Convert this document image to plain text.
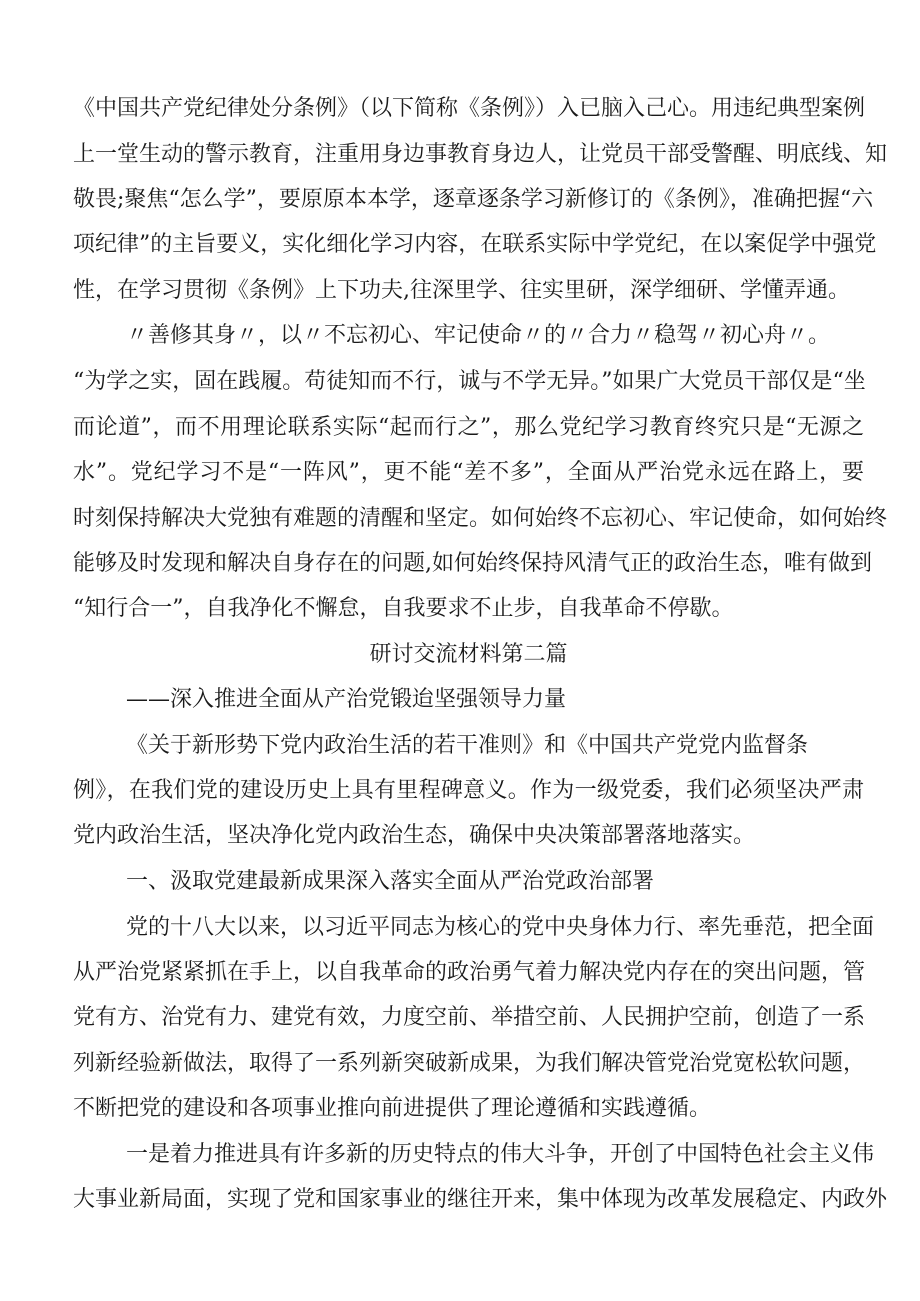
《中国共产党纪律处分条例》（以下简称《条例》）入已脑入己心。用违纪典型案例
上一堂生动的警示教育，注重用身边事教育身边人，让党员干部受警醒、明底线、知
敬畏;聚焦“怎么学”，要原原本本学，逐章逐条学习新修订的《条例》，准确把握“六
项纪律”的主旨要义，实化细化学习内容，在联系实际中学党纪，在以案促学中强党
性，在学习贯彻《条例》上下功夫,往深里学、往实里研，深学细研、学懂弄通。
〃善修其身〃，以〃不忘初心、牢记使命〃的〃合力〃稳驾〃初心舟〃。
“为学之实，固在践履。苟徒知而不行，诚与不学无异。”如果广大党员干部仅是“坐
而论道”，而不用理论联系实际“起而行之”，那么党纪学习教育终究只是“无源之
水”。党纪学习不是“一阵风”，更不能“差不多”，全面从严治党永远在路上，要
时刻保持解决大党独有难题的清醒和坚定。如何始终不忘初心、牢记使命，如何始终
能够及时发现和解决自身存在的问题,如何始终保持风清气正的政治生态，唯有做到
“知行合一”，自我净化不懈怠，自我要求不止步，自我革命不停歇。
研讨交流材料第二篇
——深入推进全面从产治党锻迨坚强领导力量
《关于新形势下党内政治生活的若干准则》和《中国共产党党内监督条
例》，在我们党的建设历史上具有里程碑意义。作为一级党委，我们必须坚决严肃
党内政治生活，坚决净化党内政治生态，确保中央决策部署落地落实。
一、汲取党建最新成果深入落实全面从严治党政治部署
党的十八大以来，以习近平同志为核心的党中央身体力行、率先垂范，把全面
从严治党紧紧抓在手上，以自我革命的政治勇气着力解决党内存在的突出问题，管
党有方、治党有力、建党有效，力度空前、举措空前、人民拥护空前，创造了一系
列新经验新做法，取得了一系列新突破新成果，为我们解决管党治党宽松软问题，
不断把党的建设和各项事业推向前进提供了理论遵循和实践遵循。
一是着力推进具有许多新的历史特点的伟大斗争，开创了中国特色社会主义伟
大事业新局面，实现了党和国家事业的继往开来，集中体现为改革发展稳定、内政外
